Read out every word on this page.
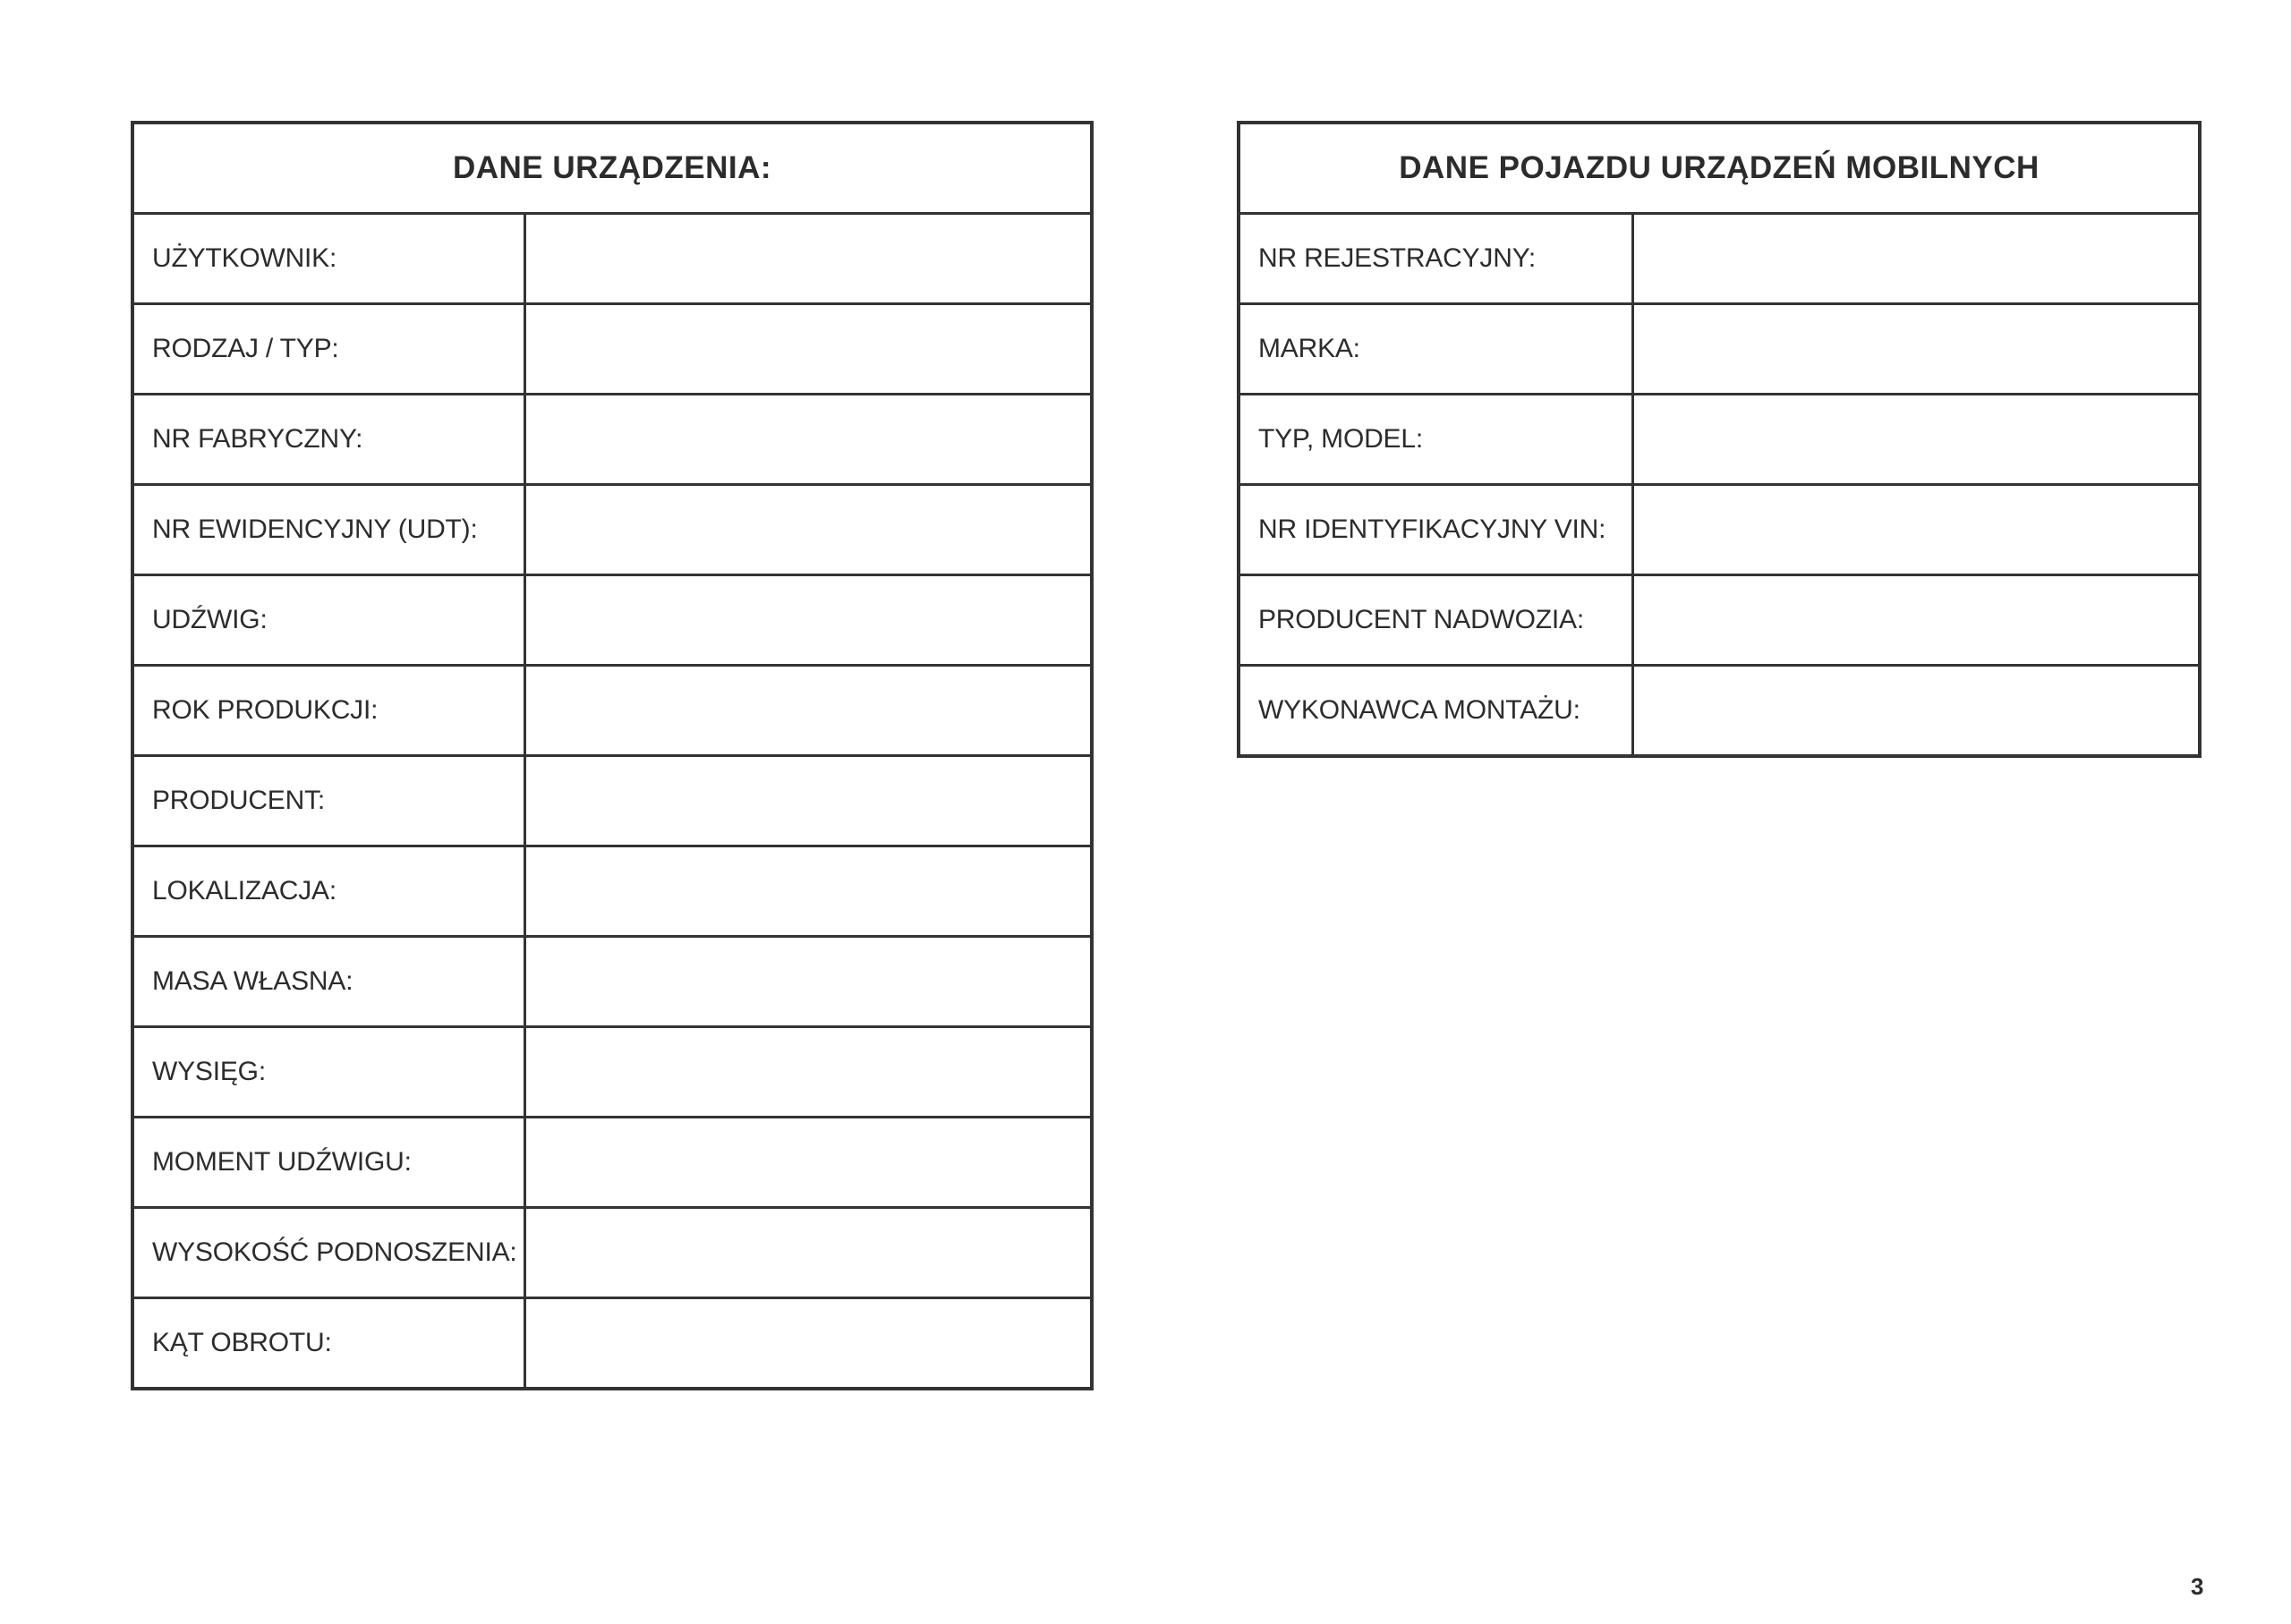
DANE URZĄDZENIA:	
UŻYTKOWNIK:	
RODZAJ / TYP:	
NR FABRYCZNY:	
NR EWIDENCYJNY (UDT):	
UDŹWIG:	
ROK PRODUKCJI:	
PRODUCENT:	
LOKALIZACJA:	
MASA WŁASNA:	
WYSIĘG:	
MOMENT UDŹWIGU:	
WYSOKOŚĆ PODNOSZENIA:	
KĄT OBROTU:	
DANE POJAZDU URZĄDZEŃ MOBILNYCH	
NR REJESTRACYJNY:	
MARKA:	
TYP, MODEL:	
NR IDENTYFIKACYJNY VIN:	
PRODUCENT NADWOZIA:	
WYKONAWCA MONTAŻU:	
3
